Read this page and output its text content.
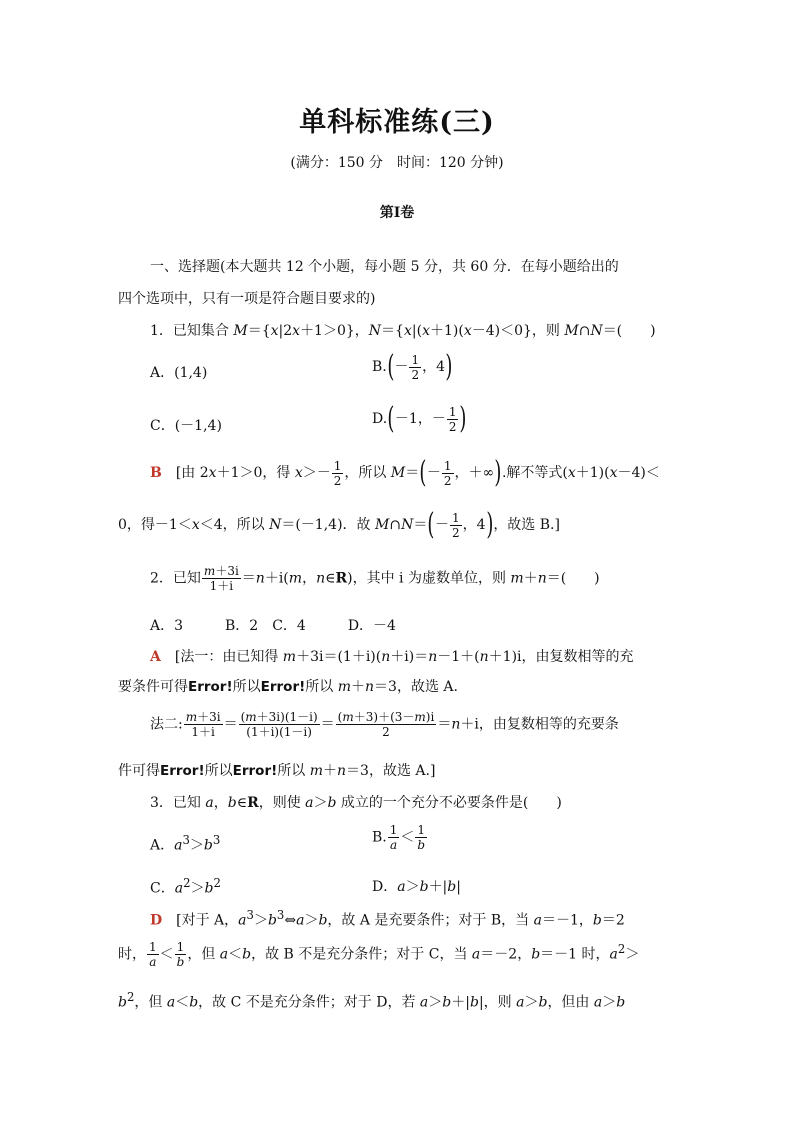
单科标准练(三)
(满分：150 分　时间：120 分钟)
第Ⅰ卷
一、选择题(本大题共 12 个小题，每小题 5 分，共 60 分．在每小题给出的
四个选项中，只有一项是符合题目要求的)
1．已知集合 M＝{x|2x＋1＞0}，N＝{x|(x＋1)(x－4)＜0}，则 M∩N＝(　　)
A．(1,4)	$B.(- \frac{1}{2}$ ，4)
C．(－1,4)	D.(－1，－ $\frac{1}{2}$ )
B　[由 2x＋1＞0，得 $x>- \frac{1}{2}$ ，所以 $M=(- \frac{1}{2}$ ，＋∞).解不等式(x＋1)(x－4)＜
0，得－1＜x＜4，所以 N＝(－1,4)．故 M∩N＝(－ $\frac{1}{2}$ ，4)，故选 B.]
2．已知 $\frac{m+3i}{1+i} =n+i(m$，n∈R)，其中 i 为虚数单位，则 m＋n＝(　　)
A．3　　　B．2　C．4　　　D．－4
A　[法一：由已知得 m＋3i＝(1＋i)(n＋i)＝n－1＋(n＋1)i，由复数相等的充
要条件可得Error!所以Error!所以 m＋n＝3，故选 A.
法二: $\frac{m+3i}{1+i} = \frac{(m+3i)(1-i)}{(1+i)(1-i)} = \frac{(m+3)+(3-m)i}{2} =n+i$，由复数相等的充要条
件可得Error!所以Error!所以 m＋n＝3，故选 A.]
3．已知 a，b∈R，则使 a＞b 成立的一个充分不必要条件是(　　)
A．$a^3>b^3$	B. $\frac{1}{a} < \frac{1}{b}$
C．$a^2>b^2$	D．a＞b＋|b|
D　[对于 A，$a^3>b^3\Leftrightarrow a>b$，故 A 是充要条件；对于 B，当 a＝－1，b＝2
时， $\frac{1}{a} < \frac{1}{b}$ ，但 a＜b，故 B 不是充分条件；对于 C，当 a＝－2，b＝－1 时，$a^2>$
$b^2$，但 a＜b，故 C 不是充分条件；对于 D，若 a＞b＋|b|，则 a＞b，但由 a＞b
